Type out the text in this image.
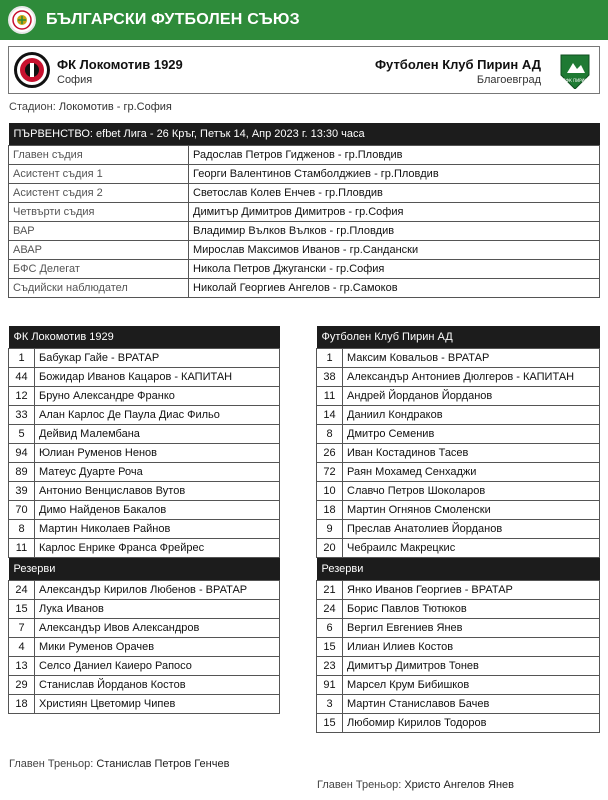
БЪЛГАРСКИ ФУТБОЛЕН СЪЮЗ
ФК Локомотив 1929
София
Футболен Клуб Пирин АД
Благоевград	ПФК ПИРИН
Стадион: Локомотив - гр.София
ПЪРВЕНСТВО: efbet Лига - 26 Кръг, Петък 14, Апр 2023 г. 13:30 часа	
Главен съдия	Радослав Петров Гидженов - гр.Пловдив
Асистент съдия 1	Георги Валентинов Стамболджиев - гр.Пловдив
Асистент съдия 2	Светослав Колев Енчев - гр.Пловдив
Четвърти съдия	Димитър Димитров Димитров - гр.София
ВАР	Владимир Вълков Вълков - гр.Пловдив
АВАР	Мирослав Максимов Иванов - гр.Сандански
БФС Делегат	Никола Петров Джугански - гр.София
Съдийски наблюдател	Николай Георгиев Ангелов - гр.Самоков
ФК Локомотив 1929	
1	Бабукар Гайе - ВРАТАР
44	Божидар Иванов Кацаров - КАПИТАН
12	Бруно Александре Франко
33	Алан Карлос Де Паула Диас Фильо
5	Дейвид Малембана
94	Юлиан Руменов Ненов
89	Матеус Дуарте Роча
39	Антонио Венциславов Вутов
70	Димо Найденов Бакалов
8	Мартин Николаев Райнов
11	Карлос Енрике Франса Фрейрес
Резерви	
24	Александър Кирилов Любенов - ВРАТАР
15	Лука Иванов
7	Александър Ивов Александров
4	Мики Руменов Орачев
13	Селсо Даниел Каиеро Рапосо
29	Станислав Йорданов Костов
18	Християн Цветомир Чипев
Главен Треньор: Станислав Петров Генчев
Футболен Клуб Пирин АД	
1	Максим Ковальов - ВРАТАР
38	Александър Антониев Дюлгеров - КАПИТАН
11	Андрей Йорданов Йорданов
14	Даниил Кондраков
8	Дмитро Семенив
26	Иван Костадинов Тасев
72	Раян Мохамед Сенхаджи
10	Славчо Петров Шоколаров
18	Мартин Огнянов Смоленски
9	Преслав Анатолиев Йорданов
20	Чебраилс Макрецкис
Резерви	
21	Янко Иванов Георгиев - ВРАТАР
24	Борис Павлов Тютюков
6	Вергил Евгениев Янев
15	Илиан Илиев Костов
23	Димитър Димитров Тонев
91	Марсел Крум Бибишков
3	Мартин Станиславов Бачев
15	Любомир Кирилов Тодоров
Главен Треньор: Христо Ангелов Янев
